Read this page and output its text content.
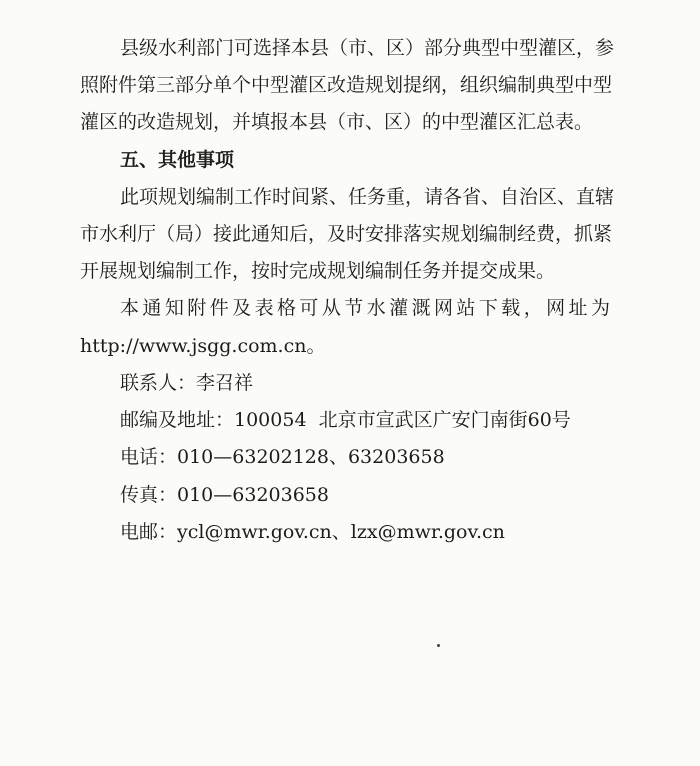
县级水利部门可选择本县（市、区）部分典型中型灌区，参
照附件第三部分单个中型灌区改造规划提纲，组织编制典型中型
灌区的改造规划，并填报本县（市、区）的中型灌区汇总表。
五、其他事项
此项规划编制工作时间紧、任务重，请各省、自治区、直辖
市水利厅（局）接此通知后，及时安排落实规划编制经费，抓紧
开展规划编制工作，按时完成规划编制任务并提交成果。
本通知附件及表格可从节水灌溉网站下载，网址为
http://www.jsgg.com.cn。
联系人：李召祥
邮编及地址：100054  北京市宣武区广安门南街60号
电话：010—63202128、63203658
传真：010—63203658
电邮：ycl@mwr.gov.cn、lzx@mwr.gov.cn
